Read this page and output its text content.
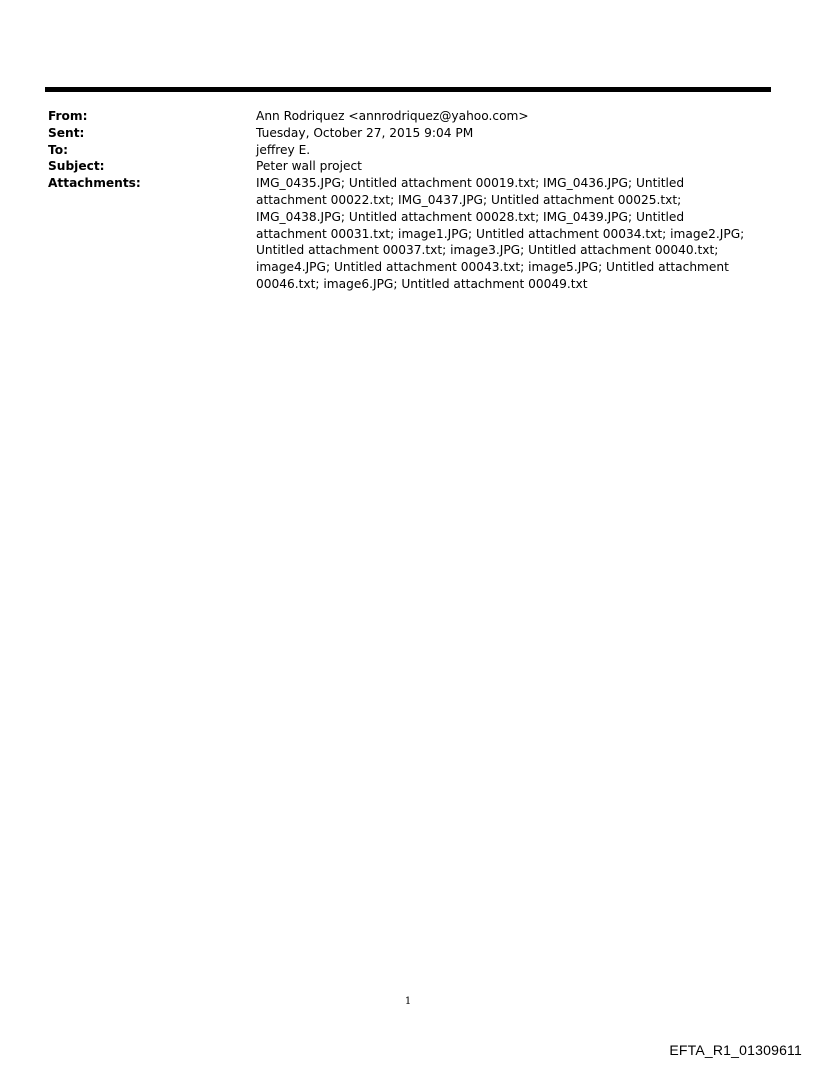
From:	Ann Rodriquez <annrodriquez@yahoo.com>
Sent:	Tuesday, October 27, 2015 9:04 PM
To:	jeffrey E.
Subject:	Peter wall project
Attachments:	IMG_0435.JPG; Untitled attachment 00019.txt; IMG_0436.JPG; Untitled attachment 00022.txt; IMG_0437.JPG; Untitled attachment 00025.txt; IMG_0438.JPG; Untitled attachment 00028.txt; IMG_0439.JPG; Untitled attachment 00031.txt; image1.JPG; Untitled attachment 00034.txt; image2.JPG; Untitled attachment 00037.txt; image3.JPG; Untitled attachment 00040.txt; image4.JPG; Untitled attachment 00043.txt; image5.JPG; Untitled attachment 00046.txt; image6.JPG; Untitled attachment 00049.txt
1
EFTA_R1_01309611
